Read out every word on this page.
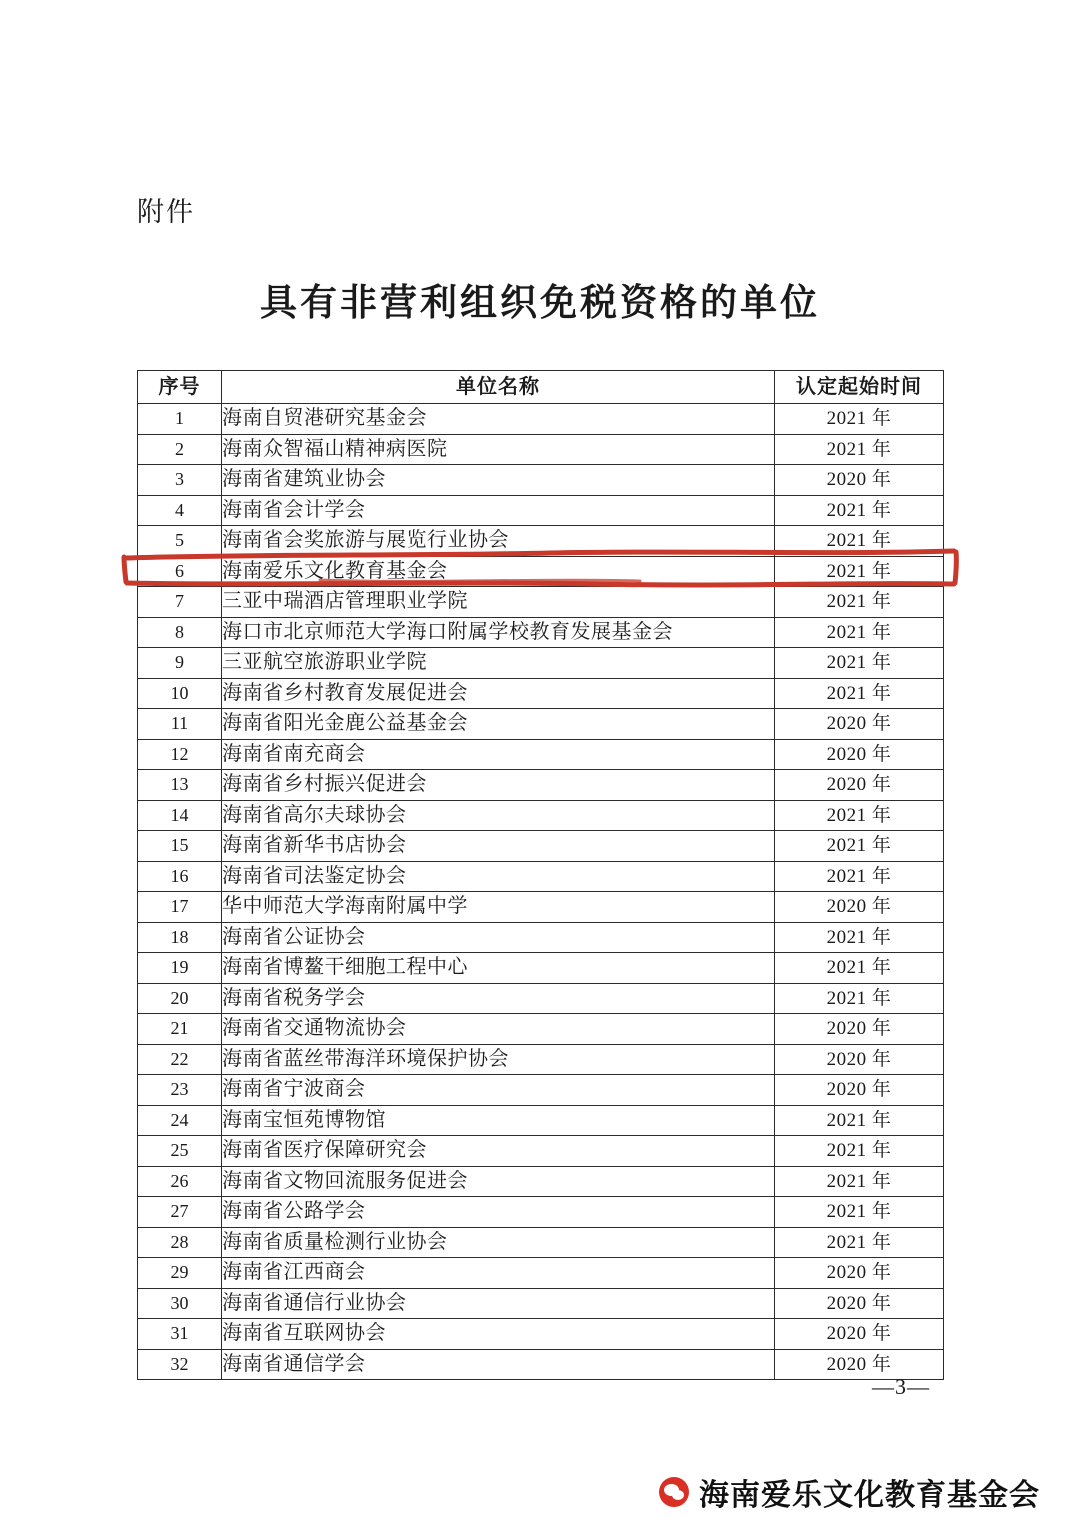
附件
具有非营利组织免税资格的单位
序号	单位名称	认定起始时间
1	海南自贸港研究基金会	2021 年
2	海南众智福山精神病医院	2021 年
3	海南省建筑业协会	2020 年
4	海南省会计学会	2021 年
5	海南省会奖旅游与展览行业协会	2021 年
6	海南爱乐文化教育基金会	2021 年
7	三亚中瑞酒店管理职业学院	2021 年
8	海口市北京师范大学海口附属学校教育发展基金会	2021 年
9	三亚航空旅游职业学院	2021 年
10	海南省乡村教育发展促进会	2021 年
11	海南省阳光金鹿公益基金会	2020 年
12	海南省南充商会	2020 年
13	海南省乡村振兴促进会	2020 年
14	海南省高尔夫球协会	2021 年
15	海南省新华书店协会	2021 年
16	海南省司法鉴定协会	2021 年
17	华中师范大学海南附属中学	2020 年
18	海南省公证协会	2021 年
19	海南省博鳌干细胞工程中心	2021 年
20	海南省税务学会	2021 年
21	海南省交通物流协会	2020 年
22	海南省蓝丝带海洋环境保护协会	2020 年
23	海南省宁波商会	2020 年
24	海南宝恒苑博物馆	2021 年
25	海南省医疗保障研究会	2021 年
26	海南省文物回流服务促进会	2021 年
27	海南省公路学会	2021 年
28	海南省质量检测行业协会	2021 年
29	海南省江西商会	2020 年
30	海南省通信行业协会	2020 年
31	海南省互联网协会	2020 年
32	海南省通信学会	2020 年
—3—
海南爱乐文化教育基金会
